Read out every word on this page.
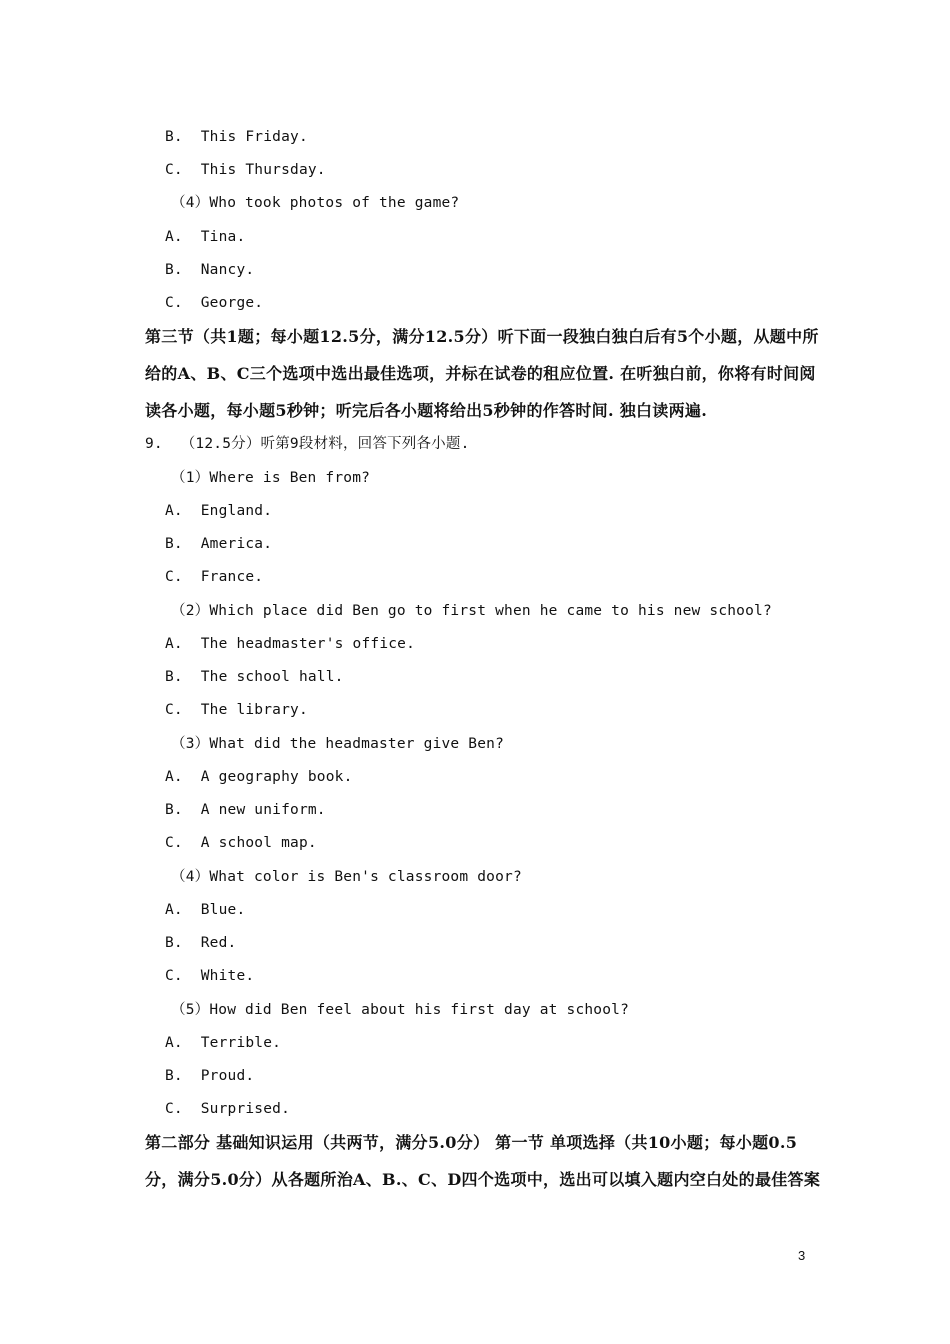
B.  This Friday.
C.  This Thursday.
（4）Who took photos of the game?
A.  Tina.
B.  Nancy.
C.  George.
第三节（共1题；每小题12.5分，满分12.5分）听下面一段独白独白后有5个小题，从题中所
给的A、B、C三个选项中选出最佳选项，并标在试卷的租应位置. 在听独白前，你将有时间阅
读各小题，每小题5秒钟；听完后各小题将给出5秒钟的作答时间. 独白读两遍.
9.  （12.5分）听第9段材料，回答下列各小题.
（1）Where is Ben from?
A.  England.
B.  America.
C.  France.
（2）Which place did Ben go to first when he came to his new school?
A.  The headmaster's office.
B.  The school hall.
C.  The library.
（3）What did the headmaster give Ben?
A.  A geography book.
B.  A new uniform.
C.  A school map.
（4）What color is Ben's classroom door?
A.  Blue.
B.  Red.
C.  White.
（5）How did Ben feel about his first day at school?
A.  Terrible.
B.  Proud.
C.  Surprised.
第二部分 基础知识运用（共两节，满分5.0分） 第一节 单项选择（共10小题；每小题0.5
分，满分5.0分）从各题所治A、B.、C、D四个选项中，选出可以填入题内空白处的最佳答案
3
